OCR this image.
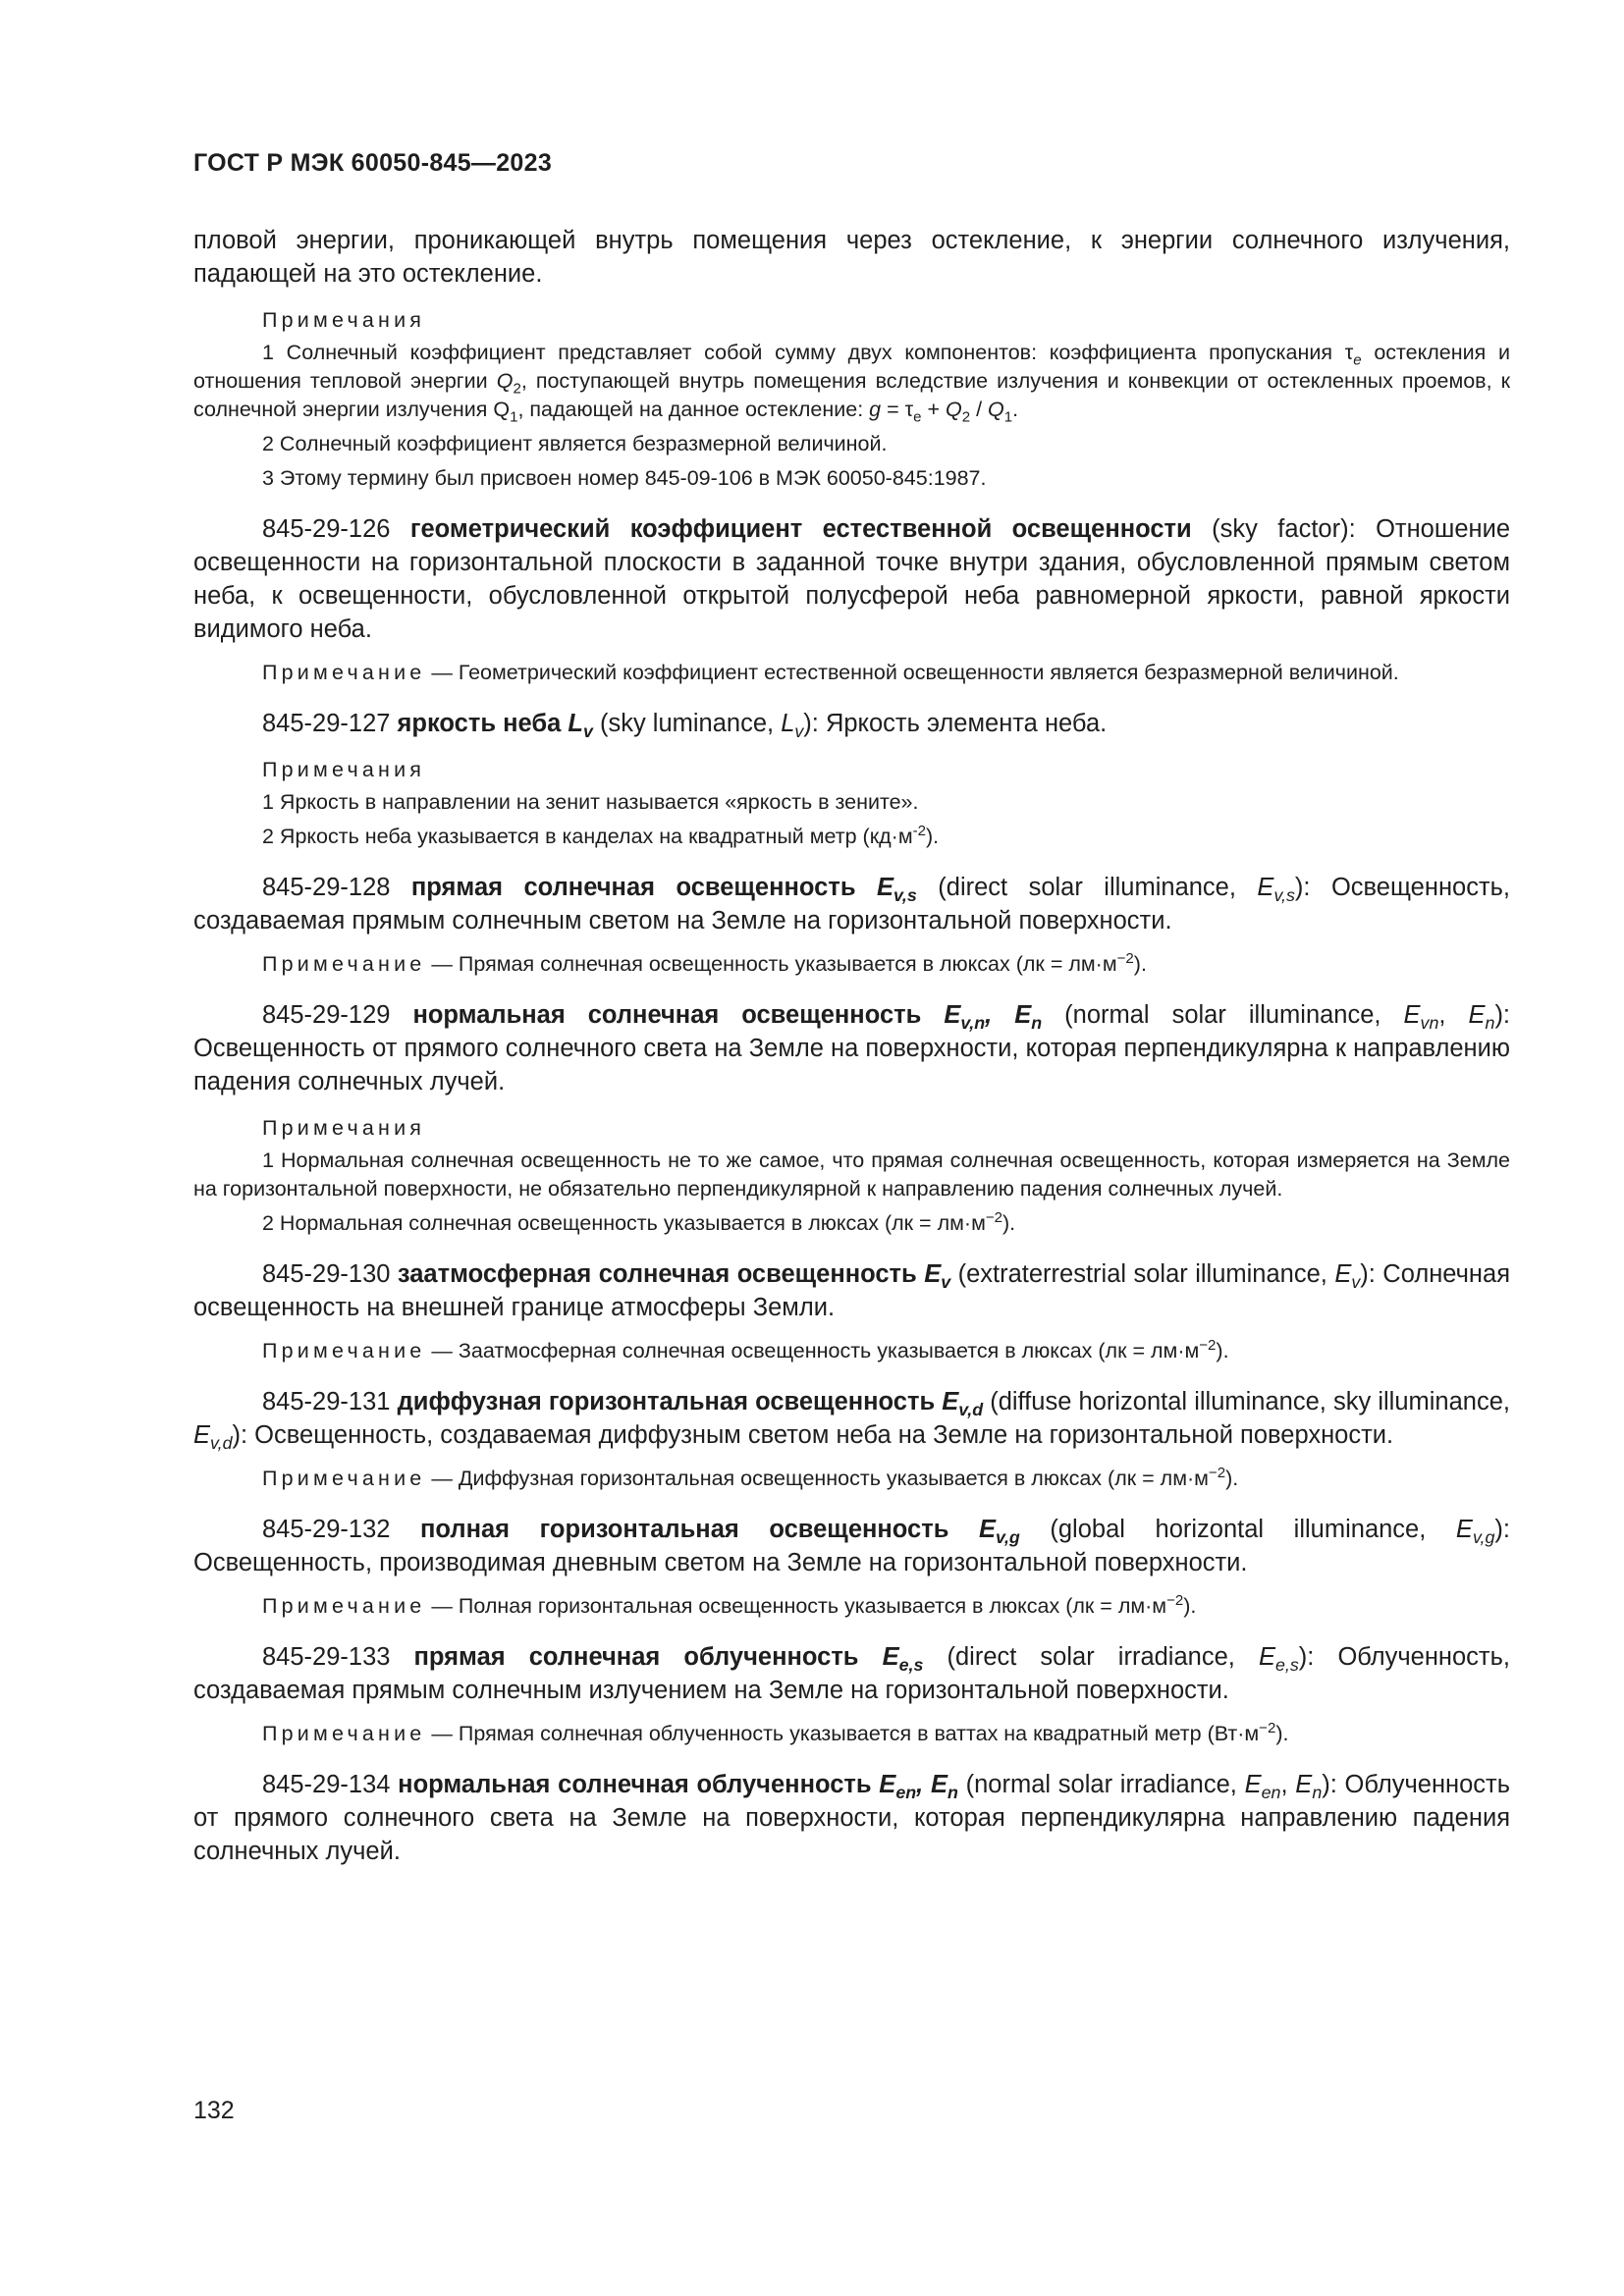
ГОСТ Р МЭК 60050-845—2023

пловой энергии, проникающей внутрь помещения через остекление, к энергии солнечного излучения, падающей на это остекление.

Примечания

1 Солнечный коэффициент представляет собой сумму двух компонентов: коэффициента пропускания $\tau_e$ остекления и отношения тепловой энергии $Q_2$, поступающей внутрь помещения вследствие излучения и конвекции от остекленных проемов, к солнечной энергии излучения $Q_1$, падающей на данное остекление: $g = \tau_e + Q_2 / Q_1$.

2 Солнечный коэффициент является безразмерной величиной.

3 Этому термину был присвоен номер 845-09-106 в МЭК 60050-845:1987.

845-29-126 геометрический коэффициент естественной освещенности (sky factor): Отношение освещенности на горизонтальной плоскости в заданной точке внутри здания, обусловленной прямым светом неба, к освещенности, обусловленной открытой полусферой неба равномерной яркости, равной яркости видимого неба.

Примечание — Геометрический коэффициент естественной освещенности является безразмерной величиной.

845-29-127 яркость неба $L_v$ (sky luminance, $L_v$): Яркость элемента неба.

Примечания

1 Яркость в направлении на зенит называется «яркость в зените».

2 Яркость неба указывается в канделах на квадратный метр $(кд\cdot м^{-2})$.

845-29-128 прямая солнечная освещенность $E_{v,s}$ (direct solar illuminance, $E_{v,s}$): Освещенность, создаваемая прямым солнечным светом на Земле на горизонтальной поверхности.

Примечание — Прямая солнечная освещенность указывается в люксах $(лк = лм\cdot м^{-2})$.

845-29-129 нормальная солнечная освещенность $E_{v,n}$, $E_n$ (normal solar illuminance, $E_{vn}$, $E_n$): Освещенность от прямого солнечного света на Земле на поверхности, которая перпендикулярна к направлению падения солнечных лучей.

Примечания

1 Нормальная солнечная освещенность не то же самое, что прямая солнечная освещенность, которая измеряется на Земле на горизонтальной поверхности, не обязательно перпендикулярной к направлению падения солнечных лучей.

2 Нормальная солнечная освещенность указывается в люксах $(лк = лм\cdot м^{-2})$.

845-29-130 заатмосферная солнечная освещенность $E_v$ (extraterrestrial solar illuminance, $E_v$): Солнечная освещенность на внешней границе атмосферы Земли.

Примечание — Заатмосферная солнечная освещенность указывается в люксах $(лк = лм\cdot м^{-2})$.

845-29-131 диффузная горизонтальная освещенность $E_{v,d}$ (diffuse horizontal illuminance, sky illuminance, $E_{v,d}$): Освещенность, создаваемая диффузным светом неба на Земле на горизонтальной поверхности.

Примечание — Диффузная горизонтальная освещенность указывается в люксах $(лк = лм\cdot м^{-2})$.

845-29-132 полная горизонтальная освещенность $E_{v,g}$ (global horizontal illuminance, $E_{v,g}$): Освещенность, производимая дневным светом на Земле на горизонтальной поверхности.

Примечание — Полная горизонтальная освещенность указывается в люксах $(лк = лм\cdot м^{-2})$.

845-29-133 прямая солнечная облученность $E_{e,s}$ (direct solar irradiance, $E_{e,s}$): Облученность, создаваемая прямым солнечным излучением на Земле на горизонтальной поверхности.

Примечание — Прямая солнечная облученность указывается в ваттах на квадратный метр $(Вт\cdot м^{-2})$.

845-29-134 нормальная солнечная облученность $E_{en}$, $E_n$ (normal solar irradiance, $E_{en}$, $E_n$): Облученность от прямого солнечного света на Земле на поверхности, которая перпендикулярна направлению падения солнечных лучей.

132
